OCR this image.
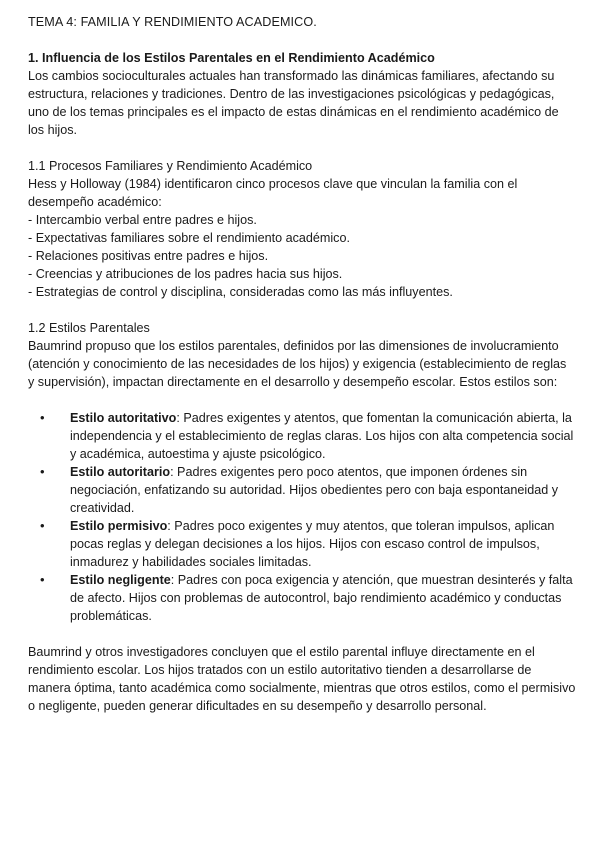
TEMA 4: FAMILIA Y RENDIMIENTO ACADEMICO.

1. Influencia de los Estilos Parentales en el Rendimiento Académico

Los cambios socioculturales actuales han transformado las dinámicas familiares, afectando su estructura, relaciones y tradiciones. Dentro de las investigaciones psicológicas y pedagógicas, uno de los temas principales es el impacto de estas dinámicas en el rendimiento académico de los hijos.

1.1 Procesos Familiares y Rendimiento Académico

Hess y Holloway (1984) identificaron cinco procesos clave que vinculan la familia con el desempeño académico:

- Intercambio verbal entre padres e hijos.
- Expectativas familiares sobre el rendimiento académico.
- Relaciones positivas entre padres e hijos.
- Creencias y atribuciones de los padres hacia sus hijos.
- Estrategias de control y disciplina, consideradas como las más influyentes.
1.2 Estilos Parentales

Baumrind propuso que los estilos parentales, definidos por las dimensiones de involucramiento (atención y conocimiento de las necesidades de los hijos) y exigencia (establecimiento de reglas y supervisión), impactan directamente en el desarrollo y desempeño escolar. Estos estilos son:

• Estilo autoritativo: Padres exigentes y atentos, que fomentan la comunicación abierta, la independencia y el establecimiento de reglas claras. Los hijos con alta competencia social y académica, autoestima y ajuste psicológico.
• Estilo autoritario: Padres exigentes pero poco atentos, que imponen órdenes sin negociación, enfatizando su autoridad. Hijos obedientes pero con baja espontaneidad y creatividad.
• Estilo permisivo: Padres poco exigentes y muy atentos, que toleran impulsos, aplican pocas reglas y delegan decisiones a los hijos. Hijos con escaso control de impulsos, inmadurez y habilidades sociales limitadas.
• Estilo negligente: Padres con poca exigencia y atención, que muestran desinterés y falta de afecto. Hijos con problemas de autocontrol, bajo rendimiento académico y conductas problemáticas.

Baumrind y otros investigadores concluyen que el estilo parental influye directamente en el rendimiento escolar. Los hijos tratados con un estilo autoritativo tienden a desarrollarse de manera óptima, tanto académica como socialmente, mientras que otros estilos, como el permisivo o negligente, pueden generar dificultades en su desempeño y desarrollo personal.
